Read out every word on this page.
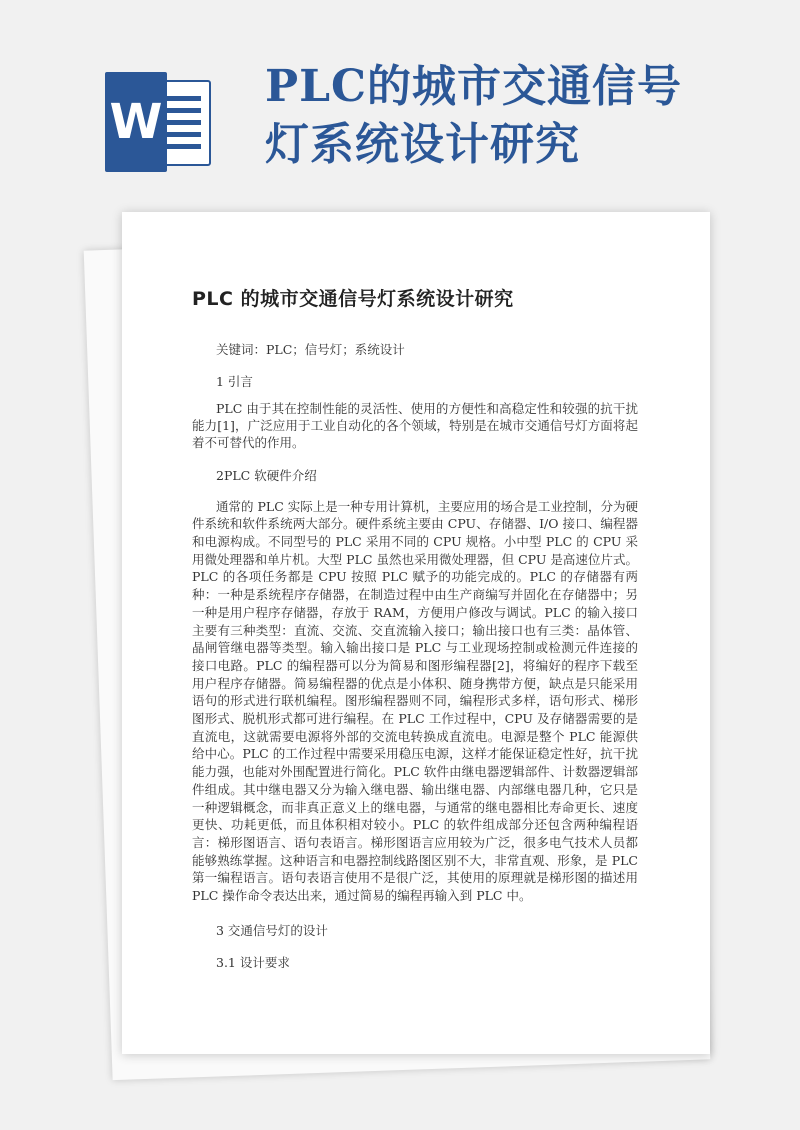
W
PLC的城市交通信号
灯系统设计研究
PLC 的城市交通信号灯系统设计研究
关键词：PLC；信号灯；系统设计
1 引言
PLC 由于其在控制性能的灵活性、使用的方便性和高稳定性和较强的抗干扰能力[1]，广泛应用于工业自动化的各个领域，特别是在城市交通信号灯方面将起着不可替代的作用。
2PLC 软硬件介绍
通常的 PLC 实际上是一种专用计算机，主要应用的场合是工业控制，分为硬件系统和软件系统两大部分。硬件系统主要由 CPU、存储器、I/O 接口、编程器和电源构成。不同型号的 PLC 采用不同的 CPU 规格。小中型 PLC 的 CPU 采用微处理器和单片机。大型 PLC 虽然也采用微处理器，但 CPU 是高速位片式。PLC 的各项任务都是 CPU 按照 PLC 赋予的功能完成的。PLC 的存储器有两种：一种是系统程序存储器，在制造过程中由生产商编写并固化在存储器中；另一种是用户程序存储器，存放于 RAM，方便用户修改与调试。PLC 的输入接口主要有三种类型：直流、交流、交直流输入接口；输出接口也有三类：晶体管、晶闸管继电器等类型。输入输出接口是 PLC 与工业现场控制或检测元件连接的接口电路。PLC 的编程器可以分为简易和图形编程器[2]，将编好的程序下载至用户程序存储器。简易编程器的优点是小体积、随身携带方便，缺点是只能采用语句的形式进行联机编程。图形编程器则不同，编程形式多样，语句形式、梯形图形式、脱机形式都可进行编程。在 PLC 工作过程中，CPU 及存储器需要的是直流电，这就需要电源将外部的交流电转换成直流电。电源是整个 PLC 能源供给中心。PLC 的工作过程中需要采用稳压电源，这样才能保证稳定性好，抗干扰能力强，也能对外围配置进行简化。PLC 软件由继电器逻辑部件、计数器逻辑部件组成。其中继电器又分为输入继电器、输出继电器、内部继电器几种，它只是一种逻辑概念，而非真正意义上的继电器，与通常的继电器相比寿命更长、速度更快、功耗更低，而且体积相对较小。PLC 的软件组成部分还包含两种编程语言：梯形图语言、语句表语言。梯形图语言应用较为广泛，很多电气技术人员都能够熟练掌握。这种语言和电器控制线路图区别不大，非常直观、形象，是 PLC 第一编程语言。语句表语言使用不是很广泛，其使用的原理就是梯形图的描述用 PLC 操作命令表达出来，通过简易的编程再输入到 PLC 中。
3 交通信号灯的设计
3.1 设计要求
